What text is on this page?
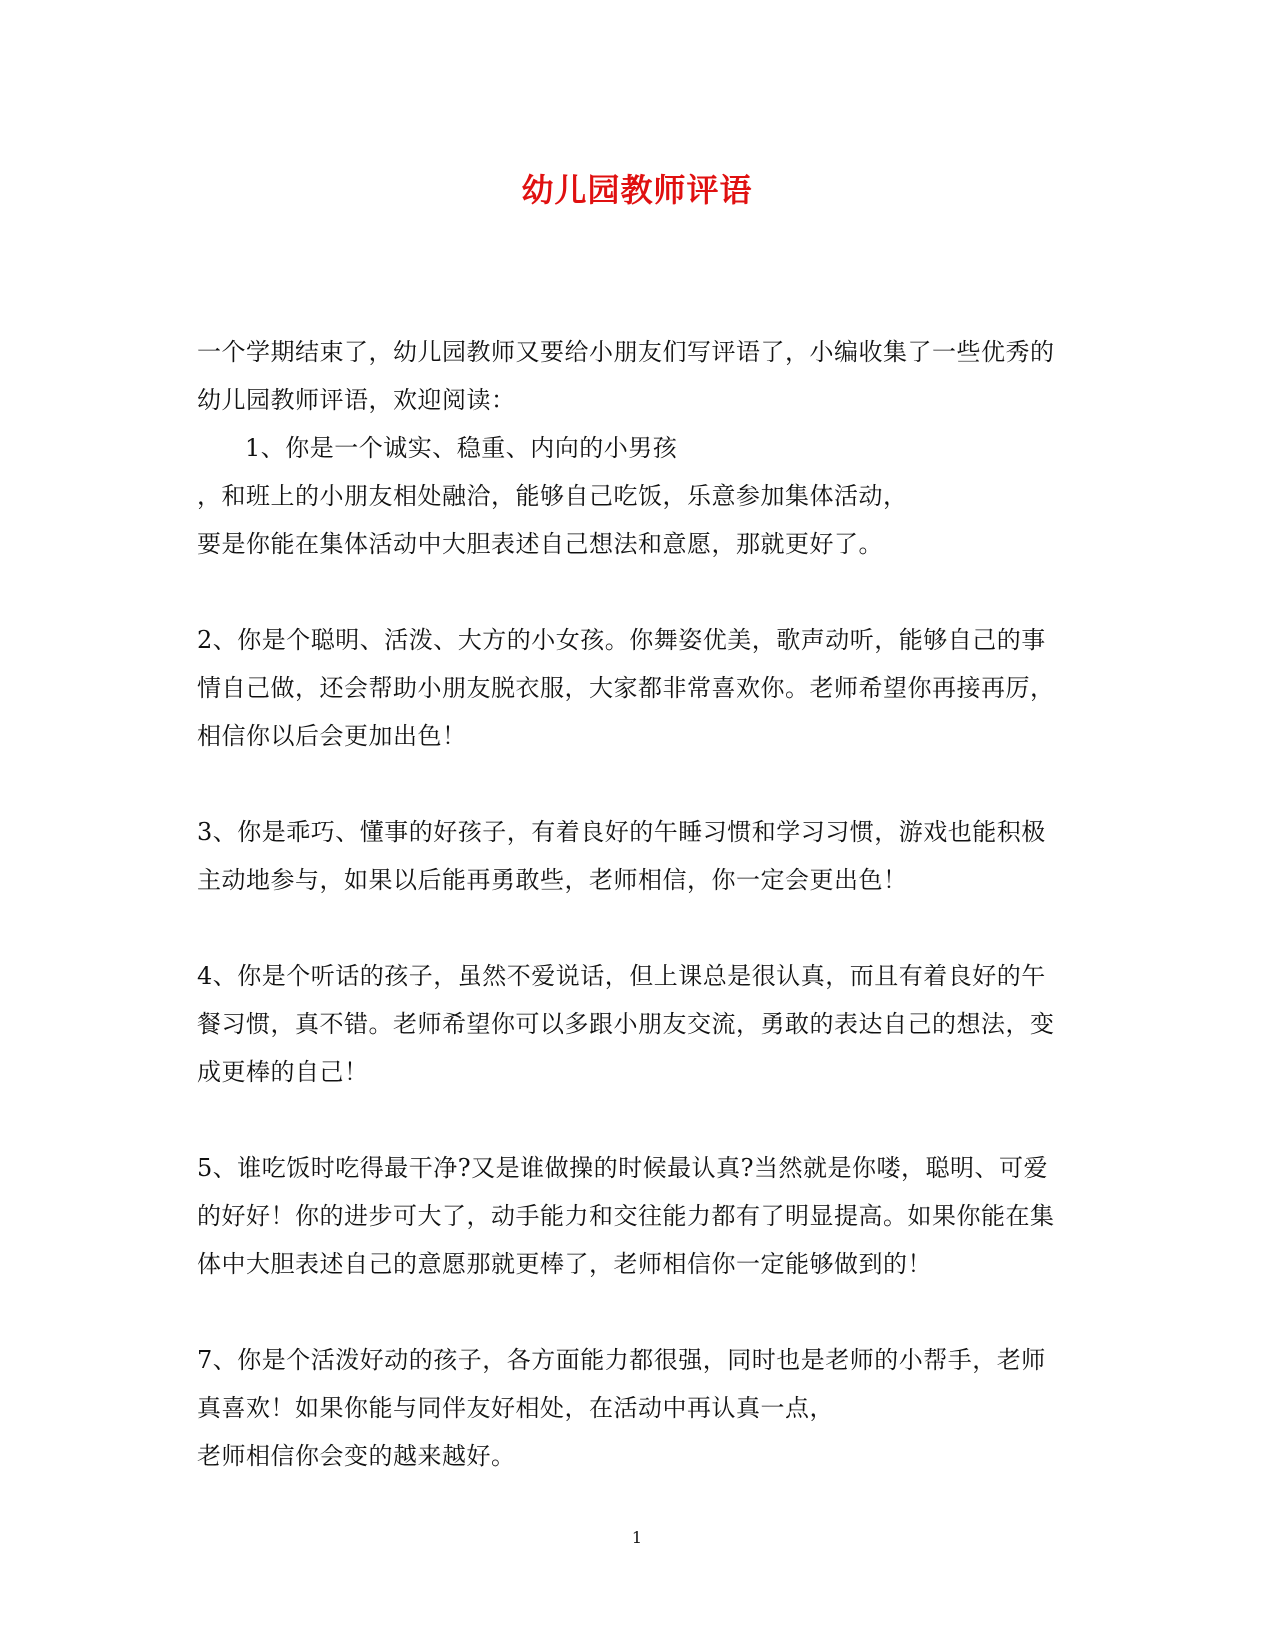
幼儿园教师评语
一个学期结束了，幼儿园教师又要给小朋友们写评语了，小编收集了一些优秀的
幼儿园教师评语，欢迎阅读：
1、你是一个诚实、稳重、内向的小男孩
，和班上的小朋友相处融洽，能够自己吃饭，乐意参加集体活动，
要是你能在集体活动中大胆表述自己想法和意愿，那就更好了。
2、你是个聪明、活泼、大方的小女孩。你舞姿优美，歌声动听，能够自己的事
情自己做，还会帮助小朋友脱衣服，大家都非常喜欢你。老师希望你再接再厉，
相信你以后会更加出色！
3、你是乖巧、懂事的好孩子，有着良好的午睡习惯和学习习惯，游戏也能积极
主动地参与，如果以后能再勇敢些，老师相信，你一定会更出色！
4、你是个听话的孩子，虽然不爱说话，但上课总是很认真，而且有着良好的午
餐习惯，真不错。老师希望你可以多跟小朋友交流，勇敢的表达自己的想法，变
成更棒的自己！
5、谁吃饭时吃得最干净?又是谁做操的时候最认真?当然就是你喽，聪明、可爱
的好好！你的进步可大了，动手能力和交往能力都有了明显提高。如果你能在集
体中大胆表述自己的意愿那就更棒了，老师相信你一定能够做到的！
7、你是个活泼好动的孩子，各方面能力都很强，同时也是老师的小帮手，老师
真喜欢！如果你能与同伴友好相处，在活动中再认真一点，
老师相信你会变的越来越好。
1
